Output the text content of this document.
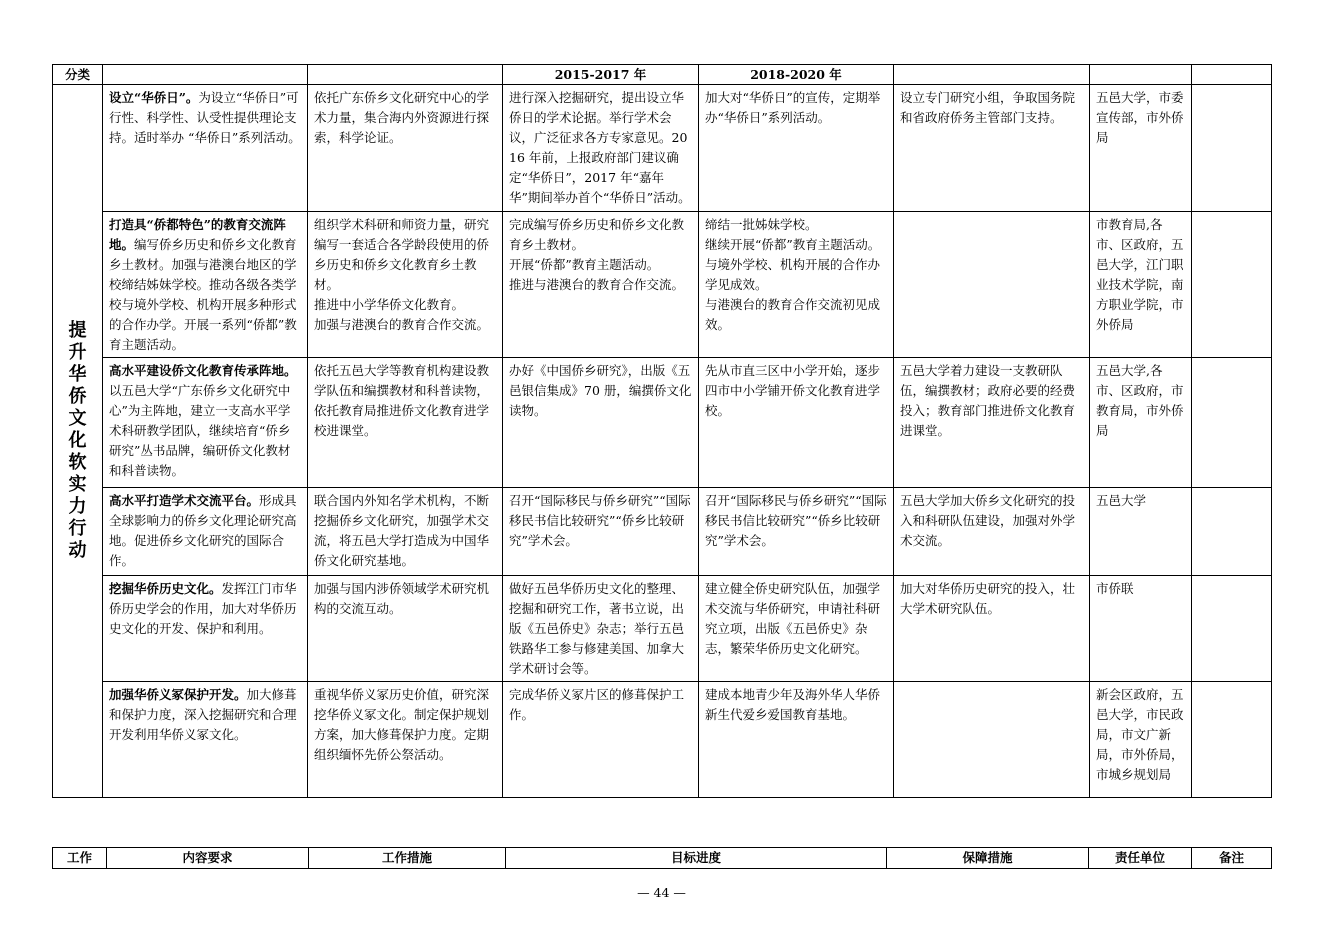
分类			2015-2017 年	2018-2020 年			
提升华侨文化软实力行动	设立“华侨日”。为设立“华侨日”可行性、科学性、认受性提供理论支持。适时举办 “华侨日”系列活动。	依托广东侨乡文化研究中心的学术力量，集合海内外资源进行探索，科学论证。	进行深入挖掘研究，提出设立华侨日的学术论据。举行学术会议，广泛征求各方专家意见。2016 年前，上报政府部门建议确定“华侨日”，2017 年“嘉年华”期间举办首个“华侨日”活动。	加大对“华侨日”的宣传，定期举办“华侨日”系列活动。	设立专门研究小组，争取国务院和省政府侨务主管部门支持。	五邑大学，市委宣传部，市外侨局	
	打造具“侨都特色”的教育交流阵地。编写侨乡历史和侨乡文化教育乡土教材。加强与港澳台地区的学校缔结姊妹学校。推动各级各类学校与境外学校、机构开展多种形式的合作办学。开展一系列“侨都”教育主题活动。	组织学术科研和师资力量，研究编写一套适合各学龄段使用的侨乡历史和侨乡文化教育乡土教材。
推进中小学华侨文化教育。
加强与港澳台的教育合作交流。	完成编写侨乡历史和侨乡文化教育乡土教材。
开展“侨都”教育主题活动。
推进与港澳台的教育合作交流。	缔结一批姊妹学校。
继续开展“侨都”教育主题活动。
与境外学校、机构开展的合作办学见成效。
与港澳台的教育合作交流初见成效。		市教育局,各市、区政府，五邑大学，江门职业技术学院，南方职业学院，市外侨局	
	高水平建设侨文化教育传承阵地。以五邑大学“广东侨乡文化研究中心”为主阵地，建立一支高水平学术科研教学团队，继续培育“侨乡研究”丛书品牌，编研侨文化教材和科普读物。	依托五邑大学等教育机构建设教学队伍和编撰教材和科普读物，依托教育局推进侨文化教育进学校进课堂。	办好《中国侨乡研究》，出版《五邑银信集成》70 册，编撰侨文化读物。	先从市直三区中小学开始，逐步四市中小学铺开侨文化教育进学校。	五邑大学着力建设一支教研队伍，编撰教材；政府必要的经费投入；教育部门推进侨文化教育进课堂。	五邑大学,各市、区政府，市教育局，市外侨局	
	高水平打造学术交流平台。形成具全球影响力的侨乡文化理论研究高地。促进侨乡文化研究的国际合作。	联合国内外知名学术机构，不断挖掘侨乡文化研究，加强学术交流，将五邑大学打造成为中国华侨文化研究基地。	召开“国际移民与侨乡研究”“国际移民书信比较研究”“侨乡比较研究”学术会。	召开“国际移民与侨乡研究”“国际移民书信比较研究”“侨乡比较研究”学术会。	五邑大学加大侨乡文化研究的投入和科研队伍建设，加强对外学术交流。	五邑大学	
	挖掘华侨历史文化。发挥江门市华侨历史学会的作用，加大对华侨历史文化的开发、保护和利用。	加强与国内涉侨领域学术研究机构的交流互动。	做好五邑华侨历史文化的整理、挖掘和研究工作，著书立说，出版《五邑侨史》杂志；举行五邑铁路华工参与修建美国、加拿大学术研讨会等。	建立健全侨史研究队伍，加强学术交流与华侨研究，申请社科研究立项，出版《五邑侨史》杂志，繁荣华侨历史文化研究。	加大对华侨历史研究的投入，壮大学术研究队伍。	市侨联	
	加强华侨义冢保护开发。加大修葺和保护力度，深入挖掘研究和合理开发利用华侨义冢文化。	重视华侨义冢历史价值，研究深挖华侨义冢文化。制定保护规划方案，加大修葺保护力度。定期组织缅怀先侨公祭活动。	完成华侨义冢片区的修葺保护工作。	建成本地青少年及海外华人华侨新生代爱乡爱国教育基地。		新会区政府，五邑大学，市民政局，市文广新局，市外侨局，市城乡规划局	
工作	内容要求	工作措施	目标进度	保障措施	责任单位	备注
— 44 —
